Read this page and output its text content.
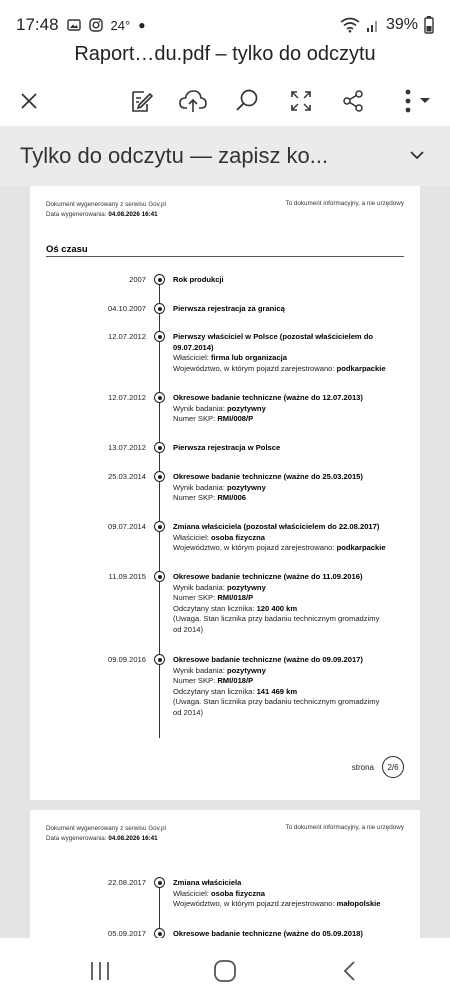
17:48	24° ●	39%
Raport…du.pdf – tylko do odczytu
Tylko do odczytu — zapisz ko...
Dokument wygenerowany z serwisu Gov.pl
Data wygenerowania: 04.08.2026 16:41
To dokument informacyjny, a nie urzędowy
Oś czasu
2007	Rok produkcji
04.10.2007	Pierwsza rejestracja za granicą
12.07.2012	Pierwszy właściciel w Polsce (pozostał właścicielem do 09.07.2014)
Właściciel: firma lub organizacja
Województwo, w którym pojazd zarejestrowano: podkarpackie
12.07.2012	Okresowe badanie techniczne (ważne do 12.07.2013)
Wynik badania: pozytywny
Numer SKP: RMI/008/P
13.07.2012	Pierwsza rejestracja w Polsce
25.03.2014	Okresowe badanie techniczne (ważne do 25.03.2015)
Wynik badania: pozytywny
Numer SKP: RMI/006
09.07.2014	Zmiana właściciela (pozostał właścicielem do 22.08.2017)
Właściciel: osoba fizyczna
Województwo, w którym pojazd zarejestrowano: podkarpackie
11.09.2015	Okresowe badanie techniczne (ważne do 11.09.2016)
Wynik badania: pozytywny
Numer SKP: RMI/018/P
Odczytany stan licznika: 120 400 km
(Uwaga. Stan licznika przy badaniu technicznym gromadzimy od 2014)
09.09.2016	Okresowe badanie techniczne (ważne do 09.09.2017)
Wynik badania: pozytywny
Numer SKP: RMI/018/P
Odczytany stan licznika: 141 469 km
(Uwaga. Stan licznika przy badaniu technicznym gromadzimy od 2014)
strona	2/6
Dokument wygenerowany z serwisu Gov.pl
Data wygenerowania: 04.08.2026 16:41
To dokument informacyjny, a nie urzędowy
22.08.2017	Zmiana właściciela
Właściciel: osoba fizyczna
Województwo, w którym pojazd zarejestrowano: małopolskie
05.09.2017	Okresowe badanie techniczne (ważne do 05.09.2018)
